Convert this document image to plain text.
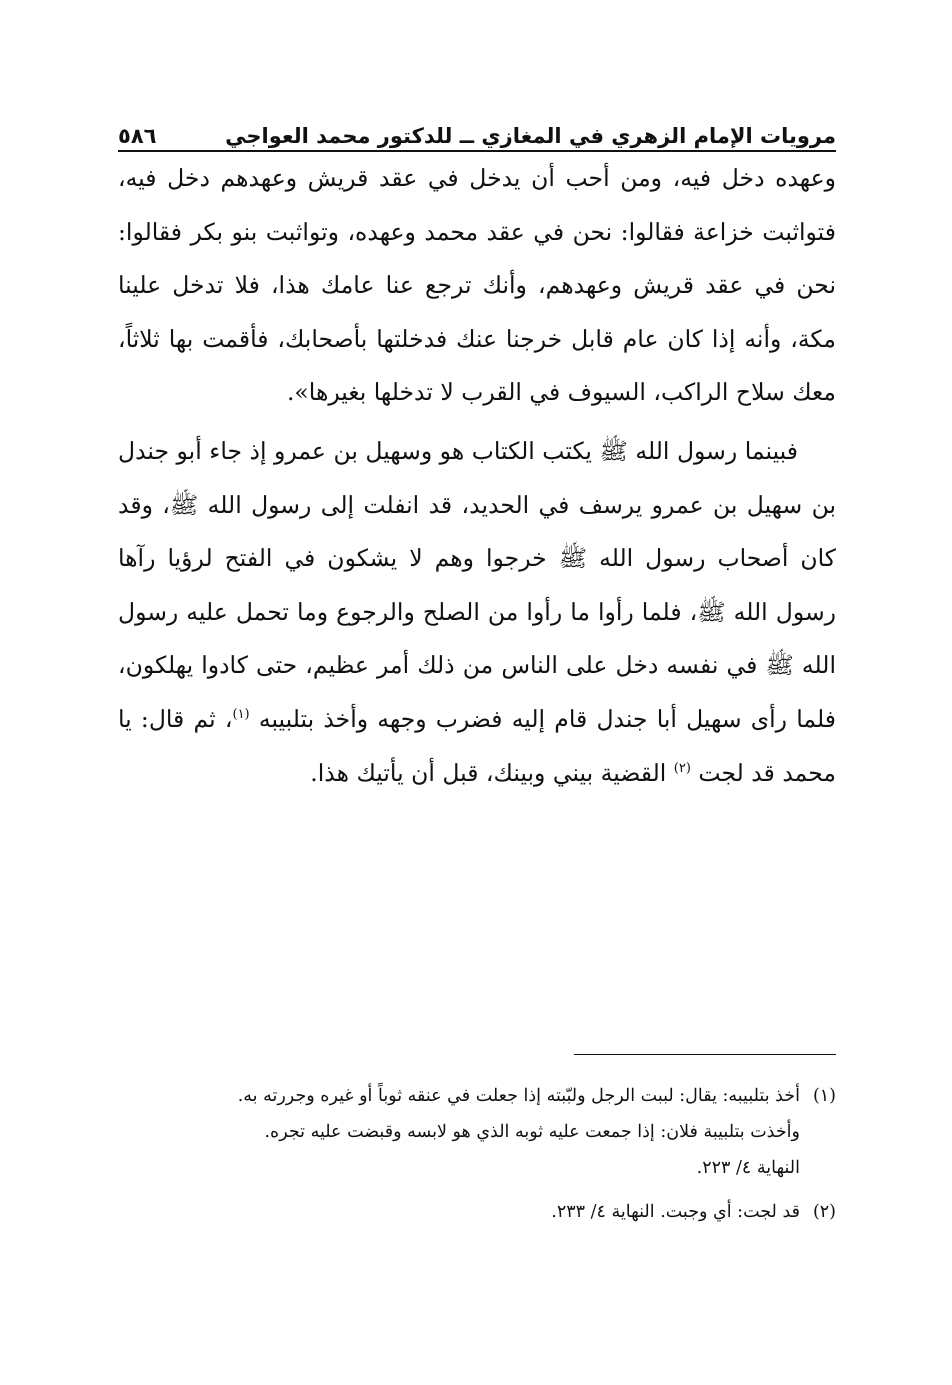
مرويات الإمام الزهري في المغازي ــ للدكتور محمد العواجي
٥٨٦

وعهده دخل فيه، ومن أحب أن يدخل في عقد قريش وعهدهم دخل فيه، فتواثبت خزاعة فقالوا: نحن في عقد محمد وعهده، وتواثبت بنو بكر فقالوا: نحن في عقد قريش وعهدهم، وأنك ترجع عنا عامك هذا، فلا تدخل علينا مكة، وأنه إذا كان عام قابل خرجنا عنك فدخلتها بأصحابك، فأقمت بها ثلاثاً، معك سلاح الراكب، السيوف في القرب لا تدخلها بغيرها».

فبينما رسول الله ﷺ يكتب الكتاب هو وسهيل بن عمرو إذ جاء أبو جندل بن سهيل بن عمرو يرسف في الحديد، قد انفلت إلى رسول الله ﷺ، وقد كان أصحاب رسول الله ﷺ خرجوا وهم لا يشكون في الفتح لرؤيا رآها رسول الله ﷺ، فلما رأوا ما رأوا من الصلح والرجوع وما تحمل عليه رسول الله ﷺ في نفسه دخل على الناس من ذلك أمر عظيم، حتى كادوا يهلكون، فلما رأى سهيل أبا جندل قام إليه فضرب وجهه وأخذ بتلبيبه $^{(١)}$، ثم قال: يا محمد قد لجت $^{(٢)}$ القضية بيني وبينك، قبل أن يأتيك هذا.

(١)
أخذ بتلبيبه: يقال: لببت الرجل ولبّبته إذا جعلت في عنقه ثوباً أو غيره وجررته به.
وأخذت بتلبيبة فلان: إذا جمعت عليه ثوبه الذي هو لابسه وقبضت عليه تجره.
النهاية ٤/ ٢٢٣.
(٢)
قد لجت: أي وجبت. النهاية ٤/ ٢٣٣.
